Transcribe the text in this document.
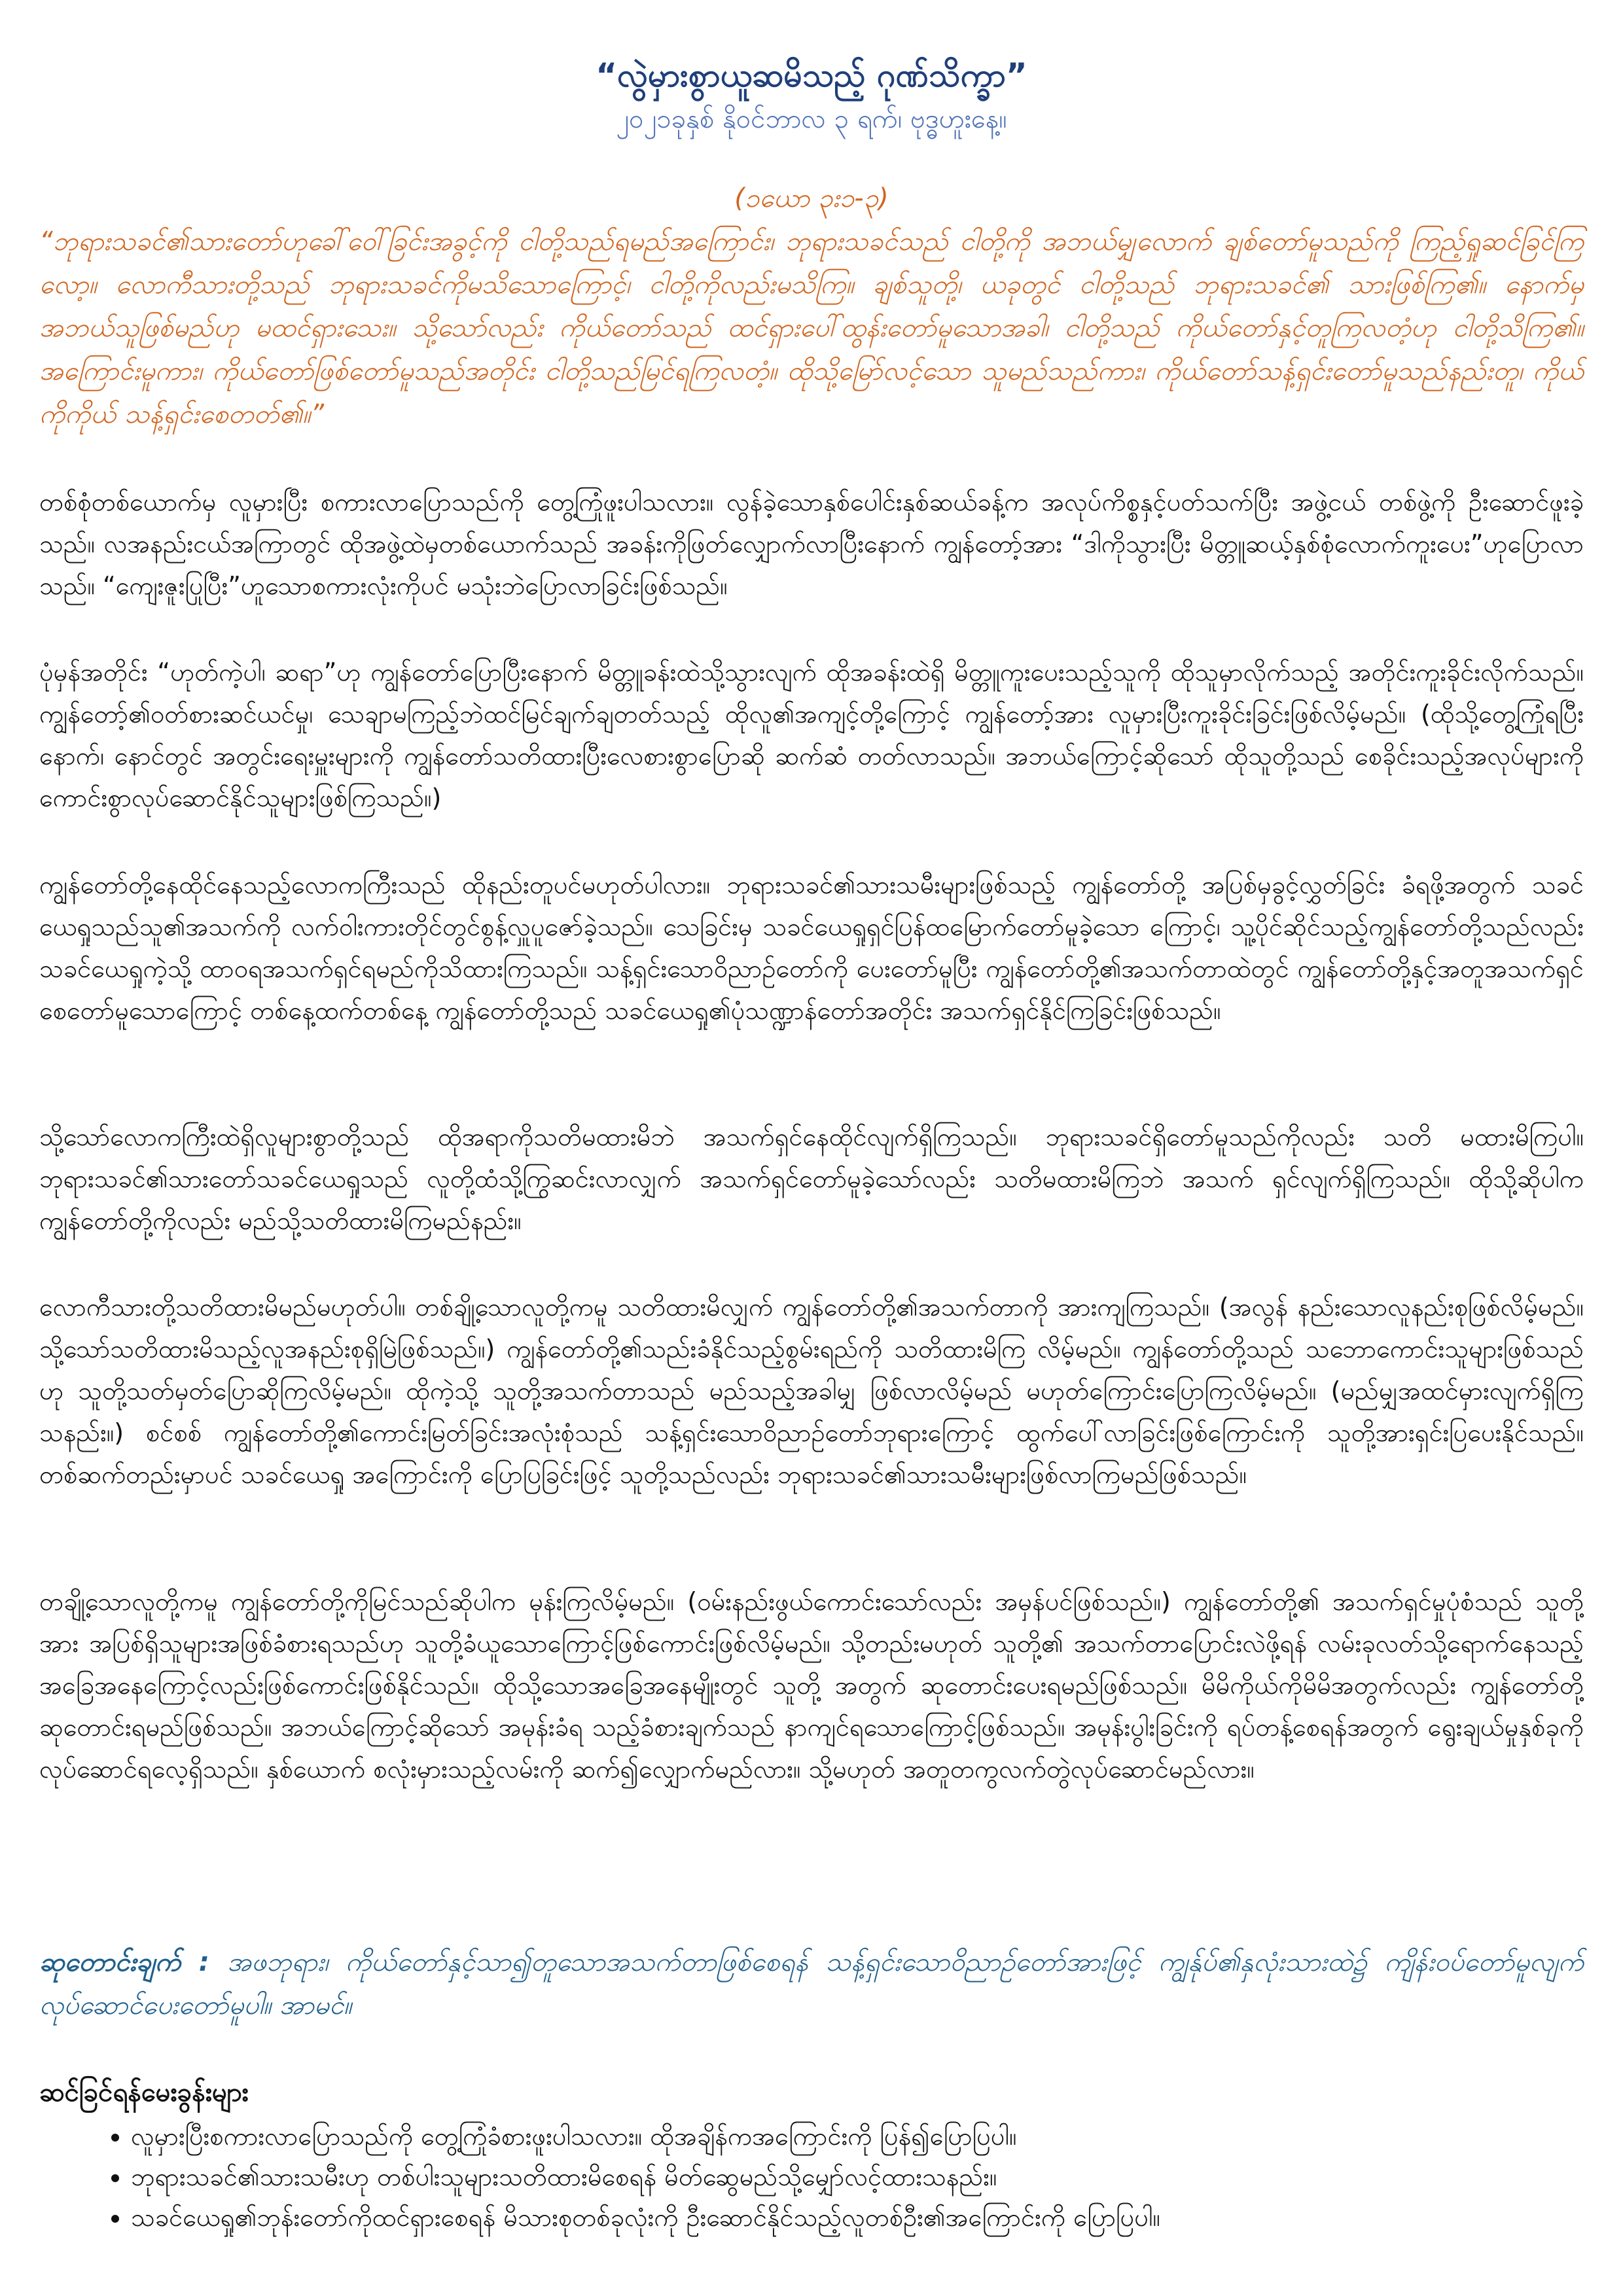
“လွဲမှားစွာယူဆမိသည့် ဂုဏ်သိက္ခာ”
၂၀၂၁ခုနှစ် နိုဝင်ဘာလ ၃ ရက်၊ ဗုဒ္ဓဟူးနေ့။
(၁ယော ၃း၁-၃)
“ဘုရားသခင်၏သားတော်ဟုခေါ်ဝေါ်ခြင်းအခွင့်ကို ငါတို့သည်ရမည်အကြောင်း၊ ဘုရားသခင်သည် ငါတို့ကို အဘယ်မျှလောက် ချစ်တော်မူသည်ကို ကြည့်ရှုဆင်ခြင်ကြလော့။ လောကီသားတို့သည် ဘုရားသခင်ကိုမသိသောကြောင့်၊ ငါတို့ကိုလည်းမသိကြ။ ချစ်သူတို့၊ ယခုတွင် ငါတို့သည် ဘုရားသခင်၏ သားဖြစ်ကြ၏။ နောက်မှအဘယ်သူဖြစ်မည်ဟု မထင်ရှားသေး။ သို့သော်လည်း ကိုယ်တော်သည် ထင်ရှားပေါ်ထွန်းတော်မူသောအခါ၊ ငါတို့သည် ကိုယ်တော်နှင့်တူကြလတံ့ဟု ငါတို့သိကြ၏။ အကြောင်းမူကား၊ ကိုယ်တော်ဖြစ်တော်မူသည်အတိုင်း ငါတို့သည်မြင်ရကြလတံ့။ ထိုသို့မြော်လင့်သော သူမည်သည်ကား၊ ကိုယ်တော်သန့်ရှင်းတော်မူသည်နည်းတူ၊ ကိုယ်ကိုကိုယ် သန့်ရှင်းစေတတ်၏။”
တစ်စုံတစ်ယောက်မှ လူမှားပြီး စကားလာပြောသည်ကို တွေ့ကြုံဖူးပါသလား။ လွန်ခဲ့သောနှစ်ပေါင်းနှစ်ဆယ်ခန့်က အလုပ်ကိစ္စနှင့်ပတ်သက်ပြီး အဖွဲ့ငယ် တစ်ဖွဲ့ကို ဦးဆောင်ဖူးခဲ့သည်။ လအနည်းငယ်အကြာတွင် ထိုအဖွဲ့ထဲမှတစ်ယောက်သည် အခန်းကိုဖြတ်လျှောက်လာပြီးနောက် ကျွန်တော့်အား “ဒါကိုသွားပြီး မိတ္တူဆယ့်နှစ်စုံလောက်ကူးပေး”ဟုပြောလာသည်။ “ကျေးဇူးပြုပြီး”ဟူသောစကားလုံးကိုပင် မသုံးဘဲပြောလာခြင်းဖြစ်သည်။
ပုံမှန်အတိုင်း “ဟုတ်ကဲ့ပါ၊ ဆရာ”ဟု ကျွန်တော်ပြောပြီးနောက် မိတ္တူခန်းထဲသို့သွားလျက် ထိုအခန်းထဲရှိ မိတ္တူကူးပေးသည့်သူကို ထိုသူမှာလိုက်သည့် အတိုင်းကူးခိုင်းလိုက်သည်။ ကျွန်တော့်၏ဝတ်စားဆင်ယင်မှု၊ သေချာမကြည့်ဘဲထင်မြင်ချက်ချတတ်သည့် ထိုလူ၏အကျင့်တို့ကြောင့် ကျွန်တော့်အား လူမှားပြီးကူးခိုင်းခြင်းဖြစ်လိမ့်မည်။ (ထိုသို့တွေ့ကြုံရပြီးနောက်၊ နောင်တွင် အတွင်းရေးမှူးများကို ကျွန်တော်သတိထားပြီးလေစားစွာပြောဆို ဆက်ဆံ တတ်လာသည်။ အဘယ်ကြောင့်ဆိုသော် ထိုသူတို့သည် စေခိုင်းသည့်အလုပ်များကို ကောင်းစွာလုပ်ဆောင်နိုင်သူများဖြစ်ကြသည်။)
ကျွန်တော်တို့နေထိုင်နေသည့်လောကကြီးသည် ထိုနည်းတူပင်မဟုတ်ပါလား။ ဘုရားသခင်၏သားသမီးများဖြစ်သည့် ကျွန်တော်တို့ အပြစ်မှခွင့်လွှတ်ခြင်း ခံရဖို့အတွက် သခင်ယေရှုသည်သူ၏အသက်ကို လက်ဝါးကားတိုင်တွင်စွန့်လှူပူဇော်ခဲ့သည်။ သေခြင်းမှ သခင်ယေရှုရှင်ပြန်ထမြောက်တော်မူခဲ့သော ကြောင့်၊ သူ့ပိုင်ဆိုင်သည့်ကျွန်တော်တို့သည်လည်း သခင်ယေရှုကဲ့သို့ ထာဝရအသက်ရှင်ရမည်ကိုသိထားကြသည်။ သန့်ရှင်းသောဝိညာဉ်တော်ကို ပေးတော်မူပြီး ကျွန်တော်တို့၏အသက်တာထဲတွင် ကျွန်တော်တို့နှင့်အတူအသက်ရှင်စေတော်မူသောကြောင့် တစ်နေ့ထက်တစ်နေ့ ကျွန်တော်တို့သည် သခင်ယေရှု၏ပုံသဏ္ဍာန်တော်အတိုင်း အသက်ရှင်နိုင်ကြခြင်းဖြစ်သည်။
သို့သော်လောကကြီးထဲရှိလူများစွာတို့သည် ထိုအရာကိုသတိမထားမိဘဲ အသက်ရှင်နေထိုင်လျက်ရှိကြသည်။ ဘုရားသခင်ရှိတော်မူသည်ကိုလည်း သတိ မထားမိကြပါ။ ဘုရားသခင်၏သားတော်သခင်ယေရှုသည် လူတို့ထံသို့ကြွဆင်းလာလျှက် အသက်ရှင်တော်မူခဲ့သော်လည်း သတိမထားမိကြဘဲ အသက် ရှင်လျက်ရှိကြသည်။ ထိုသို့ဆိုပါက ကျွန်တော်တို့ကိုလည်း မည်သို့သတိထားမိကြမည်နည်း။
လောကီသားတို့သတိထားမိမည်မဟုတ်ပါ။ တစ်ချို့သောလူတို့ကမူ သတိထားမိလျှက် ကျွန်တော်တို့၏အသက်တာကို အားကျကြသည်။ (အလွန် နည်းသောလူနည်းစုဖြစ်လိမ့်မည်။ သို့သော်သတိထားမိသည့်လူအနည်းစုရှိမြဲဖြစ်သည်။) ကျွန်တော်တို့၏သည်းခံနိုင်သည့်စွမ်းရည်ကို သတိထားမိကြ လိမ့်မည်။ ကျွန်တော်တို့သည် သဘောကောင်းသူများဖြစ်သည်ဟု သူတို့သတ်မှတ်ပြောဆိုကြလိမ့်မည်။ ထိုကဲ့သို့ သူတို့အသက်တာသည် မည်သည့်အခါမျှ ဖြစ်လာလိမ့်မည် မဟုတ်ကြောင်းပြောကြလိမ့်မည်။ (မည်မျှအထင်မှားလျက်ရှိကြသနည်း။) စင်စစ် ကျွန်တော်တို့၏ကောင်းမြတ်ခြင်းအလုံးစုံသည် သန့်ရှင်းသောဝိညာဉ်တော်ဘုရားကြောင့် ထွက်ပေါ်လာခြင်းဖြစ်ကြောင်းကို သူတို့အားရှင်းပြပေးနိုင်သည်။ တစ်ဆက်တည်းမှာပင် သခင်ယေရှု အကြောင်းကို ပြောပြခြင်းဖြင့် သူတို့သည်လည်း ဘုရားသခင်၏သားသမီးများဖြစ်လာကြမည်ဖြစ်သည်။
တချို့သောလူတို့ကမူ ကျွန်တော်တို့ကိုမြင်သည်ဆိုပါက မုန်းကြလိမ့်မည်။ (ဝမ်းနည်းဖွယ်ကောင်းသော်လည်း အမှန်ပင်ဖြစ်သည်။) ကျွန်တော်တို့၏ အသက်ရှင်မှုပုံစံသည် သူတို့အား အပြစ်ရှိသူများအဖြစ်ခံစားရသည်ဟု သူတို့ခံယူသောကြောင့်ဖြစ်ကောင်းဖြစ်လိမ့်မည်။ သို့တည်းမဟုတ် သူတို့၏ အသက်တာပြောင်းလဲဖို့ရန် လမ်းခုလတ်သို့ရောက်နေသည့် အခြေအနေကြောင့်လည်းဖြစ်ကောင်းဖြစ်နိုင်သည်။ ထိုသို့သောအခြေအနေမျိုးတွင် သူတို့ အတွက် ဆုတောင်းပေးရမည်ဖြစ်သည်။ မိမိကိုယ်ကိုမိမိအတွက်လည်း ကျွန်တော်တို့ဆုတောင်းရမည်ဖြစ်သည်။ အဘယ်ကြောင့်ဆိုသော် အမုန်းခံရ သည့်ခံစားချက်သည် နာကျင်ရသောကြောင့်ဖြစ်သည်။ အမုန်းပွါးခြင်းကို ရပ်တန့်စေရန်အတွက် ရွေးချယ်မှုနှစ်ခုကိုလုပ်ဆောင်ရလေ့ရှိသည်။ နှစ်ယောက် စလုံးမှားသည့်လမ်းကို ဆက်၍လျှောက်မည်လား။ သို့မဟုတ် အတူတကွလက်တွဲလုပ်ဆောင်မည်လား။
ဆုတောင်းချက် : အဖဘုရား၊ ကိုယ်တော်နှင့်သာ၍တူသောအသက်တာဖြစ်စေရန် သန့်ရှင်းသောဝိညာဉ်တော်အားဖြင့် ကျွန်ုပ်၏နှလုံးသားထဲ၌ ကျိန်းဝပ်တော်မူလျက် လုပ်ဆောင်ပေးတော်မူပါ။ အာမင်။
ဆင်ခြင်ရန်မေးခွန်းများ
• လူမှားပြီးစကားလာပြောသည်ကို တွေ့ကြုံခံစားဖူးပါသလား။ ထိုအချိန်ကအကြောင်းကို ပြန်၍ပြောပြပါ။
• ဘုရားသခင်၏သားသမီးဟု တစ်ပါးသူများသတိထားမိစေရန် မိတ်ဆွေမည်သို့မျှော်လင့်ထားသနည်း။
• သခင်ယေရှု၏ဘုန်းတော်ကိုထင်ရှားစေရန် မိသားစုတစ်ခုလုံးကို ဦးဆောင်နိုင်သည့်လူတစ်ဦး၏အကြောင်းကို ပြောပြပါ။
